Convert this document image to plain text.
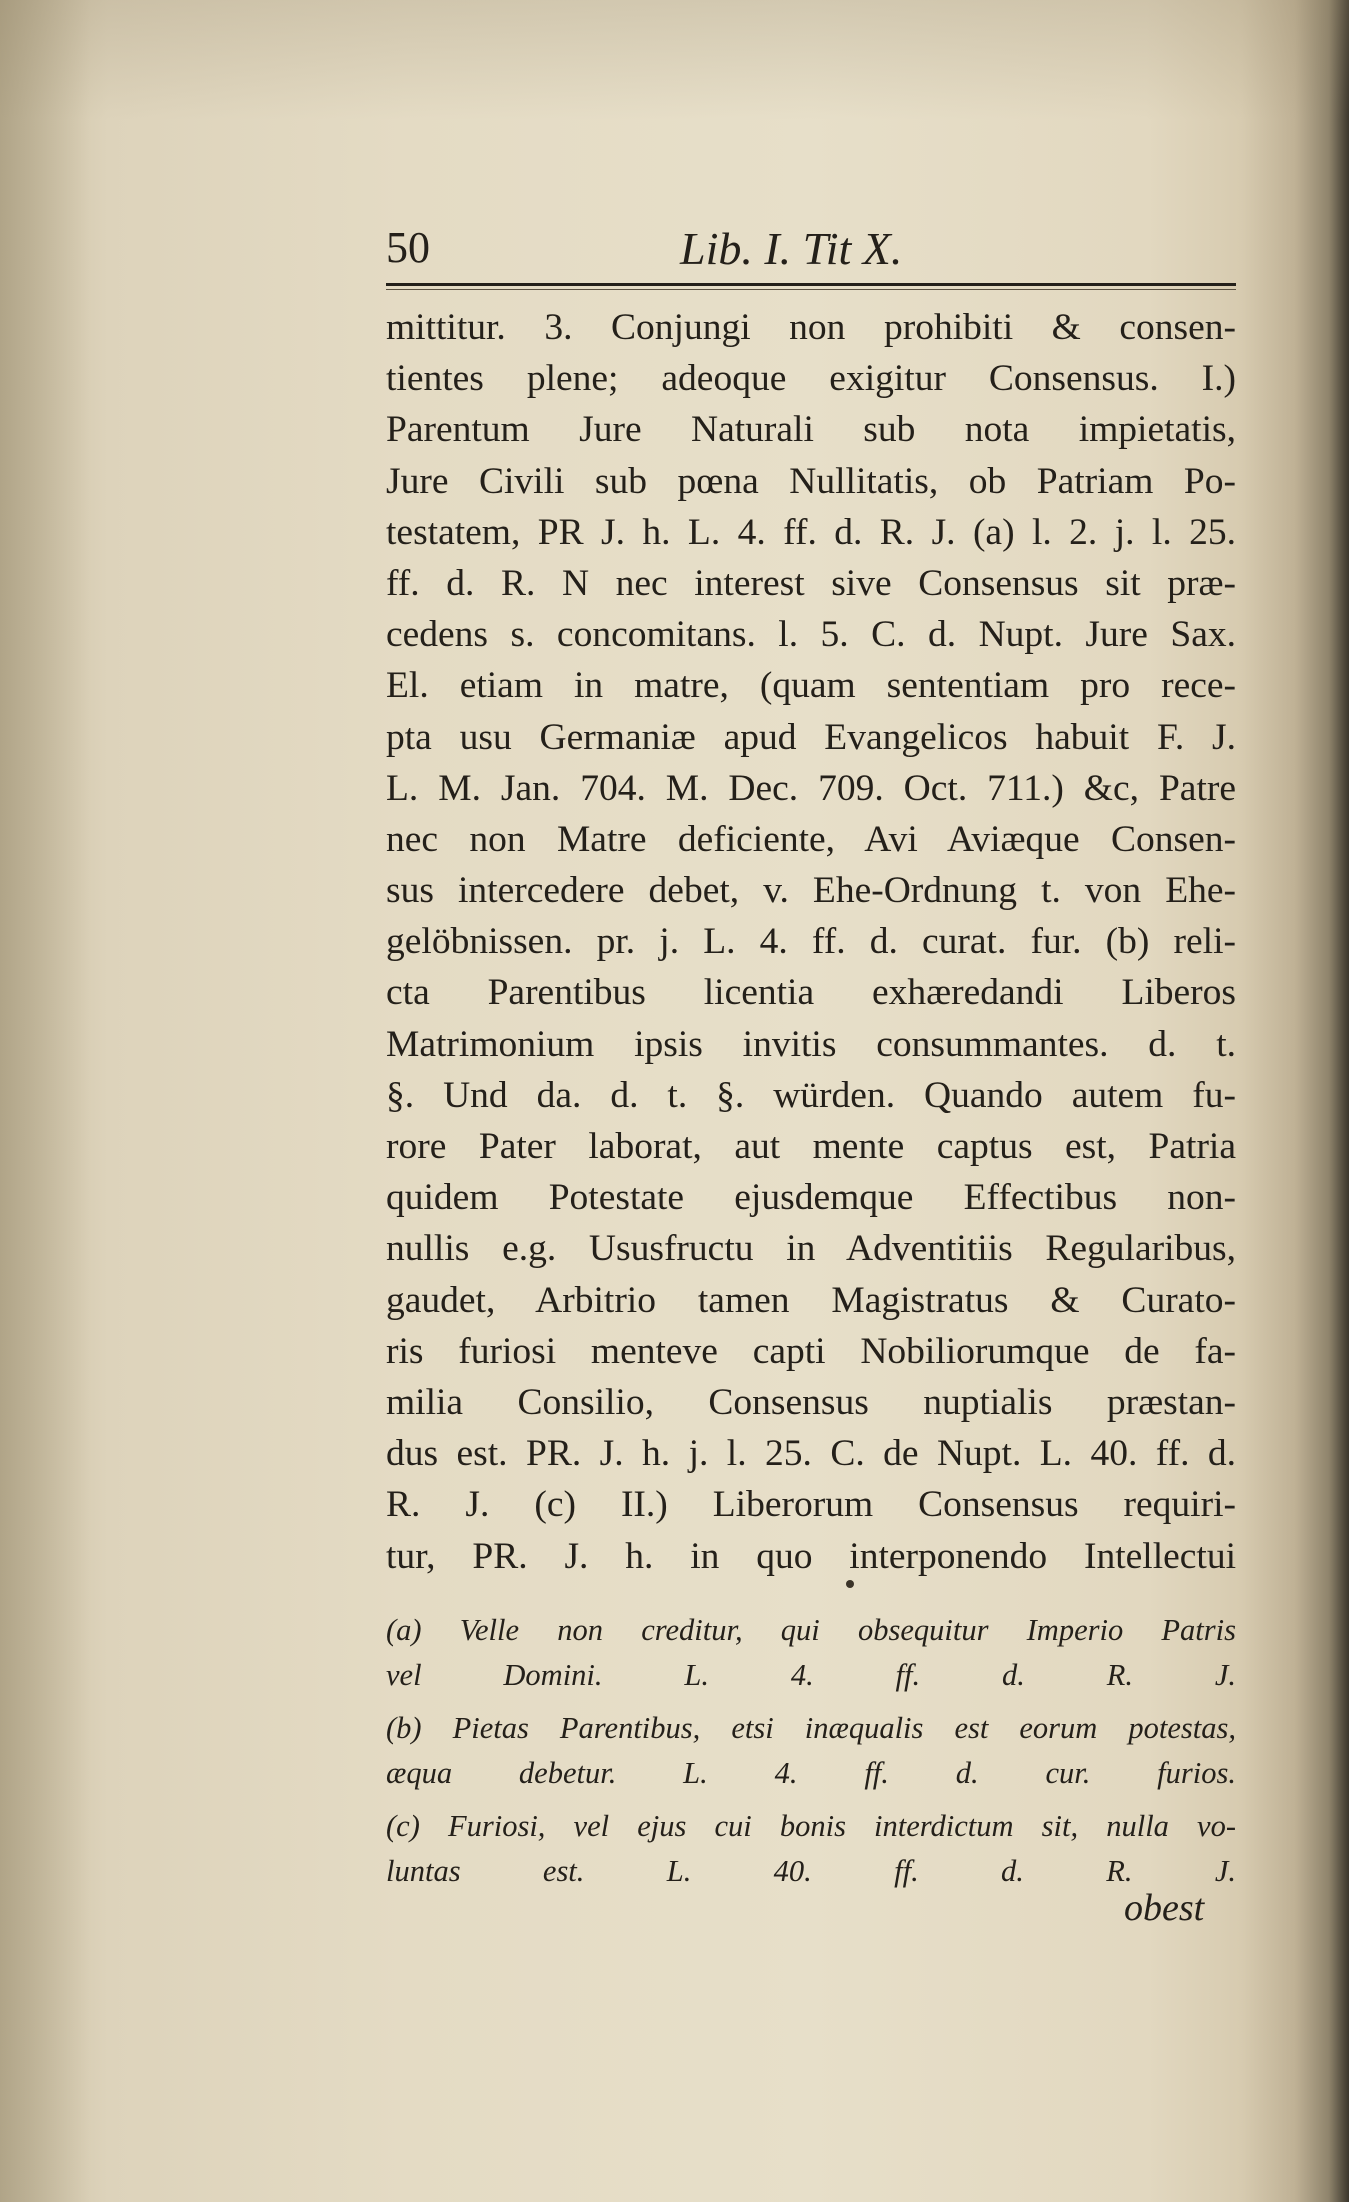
50	Lib. I. Tit X.
mittitur. 3. Conjungi non prohibiti & consen-
tientes plene; adeoque exigitur Consensus. I.)
Parentum Jure Naturali sub nota impietatis,
Jure Civili sub pœna Nullitatis, ob Patriam Po-
testatem, PR J. h. L. 4. ff. d. R. J. (a) l. 2. j. l. 25.
ff. d. R. N nec interest sive Consensus sit præ-
cedens s. concomitans. l. 5. C. d. Nupt. Jure Sax.
El. etiam in matre, (quam sententiam pro rece-
pta usu Germaniæ apud Evangelicos habuit F. J.
L. M. Jan. 704. M. Dec. 709. Oct. 711.) &c, Patre
nec non Matre deficiente, Avi Aviæque Consen-
sus intercedere debet, v. Ehe-Ordnung t. von Ehe-
gelöbnissen. pr. j. L. 4. ff. d. curat. fur. (b) reli-
cta Parentibus licentia exhæredandi Liberos
Matrimonium ipsis invitis consummantes. d. t.
§. Und da. d. t. §. würden. Quando autem fu-
rore Pater laborat, aut mente captus est, Patria
quidem Potestate ejusdemque Effectibus non-
nullis e.g. Ususfructu in Adventitiis Regularibus,
gaudet, Arbitrio tamen Magistratus & Curato-
ris furiosi menteve capti Nobiliorumque de fa-
milia Consilio, Consensus nuptialis præstan-
dus est. PR. J. h. j. l. 25. C. de Nupt. L. 40. ff. d.
R. J. (c) II.) Liberorum Consensus requiri-
tur, PR. J. h. in quo interponendo Intellectui
(a) Velle non creditur, qui obsequitur Imperio Patris
vel Domini. L. 4. ff. d. R. J.
(b) Pietas Parentibus, etsi inæqualis est eorum potestas,
æqua debetur. L. 4. ff. d. cur. furios.
(c) Furiosi, vel ejus cui bonis interdictum sit, nulla vo-
luntas est. L. 40. ff. d. R. J.
obest
